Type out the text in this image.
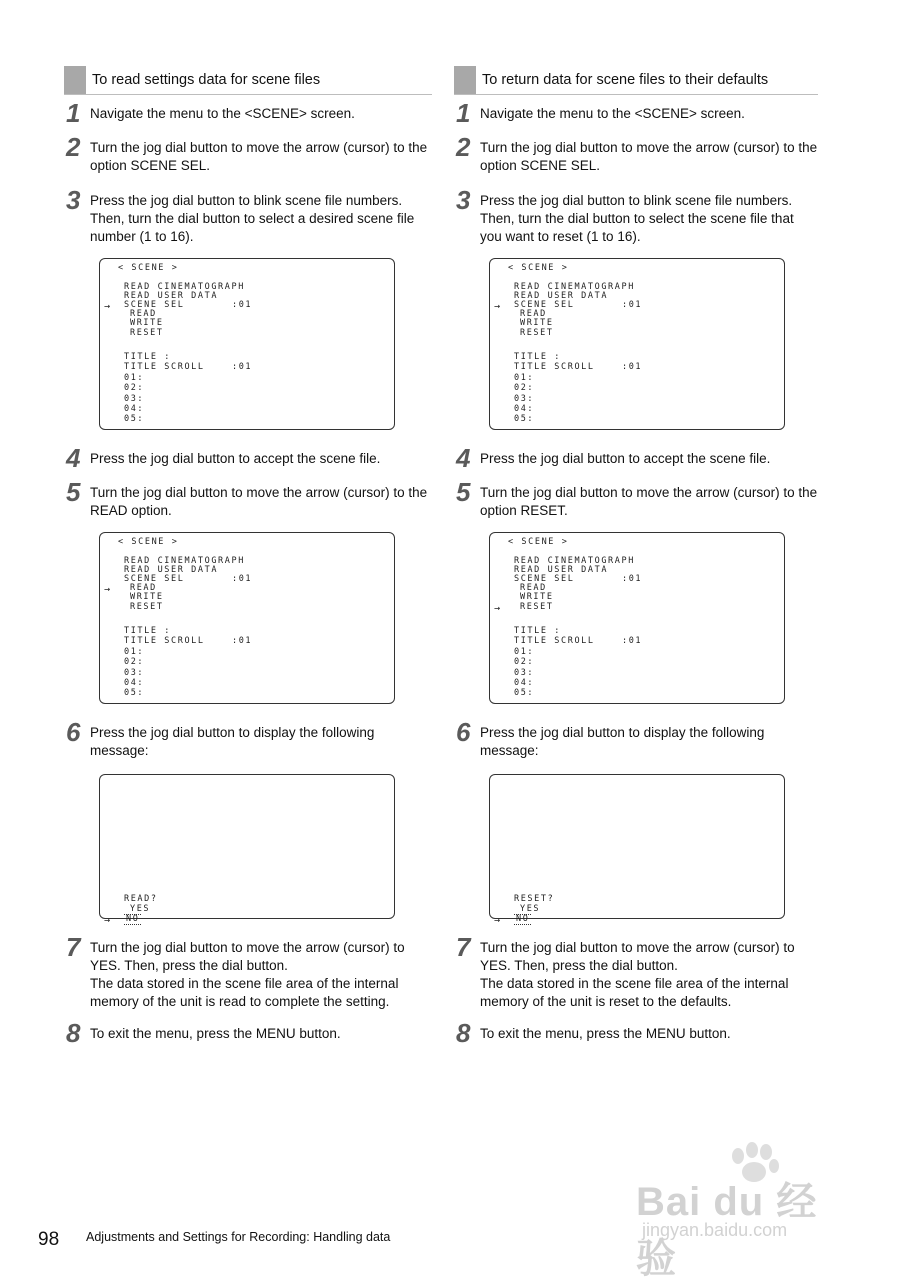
To read settings data for scene files
1 Navigate the menu to the <SCENE> screen.
2 Turn the jog dial button to move the arrow (cursor) to the option SCENE SEL.
3 Press the jog dial button to blink scene file numbers. Then, turn the dial button to select a desired scene file number (1 to 16).
< SCENE >
READ CINEMATOGRAPH
READ USER DATA
SCENE SEL	:01
READ
WRITE
RESET
TITLE :
TITLE SCROLL	:01
01:
02:
03:
04:
05:
→
4 Press the jog dial button to accept the scene file.
5 Turn the jog dial button to move the arrow (cursor) to the READ option.
< SCENE >
READ CINEMATOGRAPH
READ USER DATA
SCENE SEL	:01
READ
WRITE
RESET
TITLE :
TITLE SCROLL	:01
01:
02:
03:
04:
05:
→
6 Press the jog dial button to display the following message:
READ?
YES
NO
→
7 Turn the jog dial button to move the arrow (cursor) to YES. Then, press the dial button.
The data stored in the scene file area of the internal memory of the unit is read to complete the setting.
8 To exit the menu, press the MENU button.
To return data for scene files to their defaults
1 Navigate the menu to the <SCENE> screen.
2 Turn the jog dial button to move the arrow (cursor) to the option SCENE SEL.
3 Press the jog dial button to blink scene file numbers. Then, turn the dial button to select the scene file that you want to reset (1 to 16).
< SCENE >
READ CINEMATOGRAPH
READ USER DATA
SCENE SEL	:01
READ
WRITE
RESET
TITLE :
TITLE SCROLL	:01
01:
02:
03:
04:
05:
→
4 Press the jog dial button to accept the scene file.
5 Turn the jog dial button to move the arrow (cursor) to the option RESET.
< SCENE >
READ CINEMATOGRAPH
READ USER DATA
SCENE SEL	:01
READ
WRITE
RESET
TITLE :
TITLE SCROLL	:01
01:
02:
03:
04:
05:
→
6 Press the jog dial button to display the following message:
RESET?
YES
NO
→
7 Turn the jog dial button to move the arrow (cursor) to YES. Then, press the dial button.
The data stored in the scene file area of the internal memory of the unit is reset to the defaults.
8 To exit the menu, press the MENU button.
98 Adjustments and Settings for Recording: Handling data
Bai du 经验
jingyan.baidu.com
